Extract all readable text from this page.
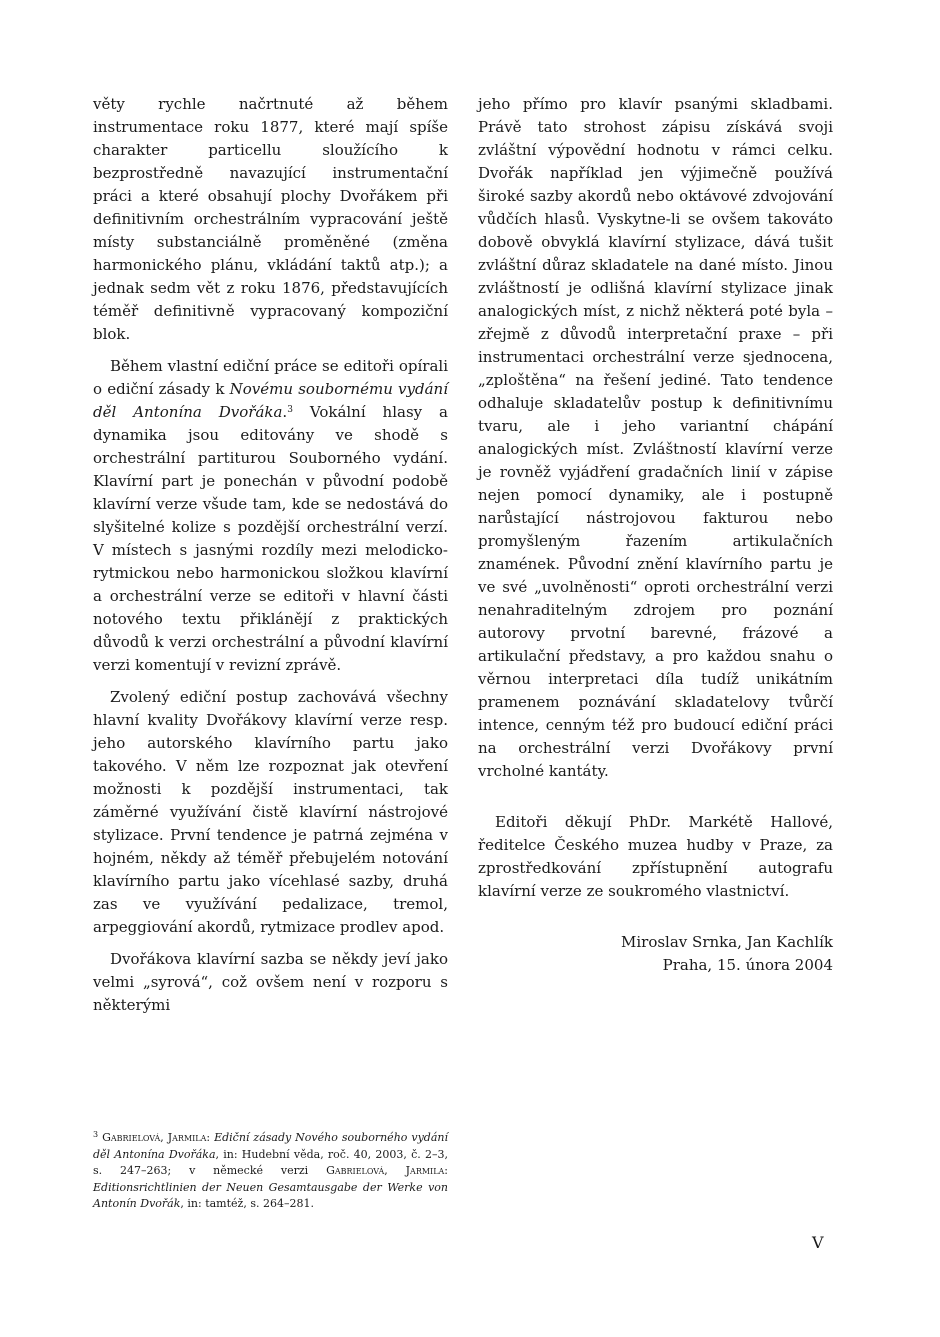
věty rychle načrtnuté až během instrumentace roku 1877, které mají spíše charakter particellu sloužícího k bezprostředně navazující instrumentační práci a které obsahují plochy Dvořákem při definitivním orchestrálním vypracování ještě místy substanciálně proměněné (změna harmonického plánu, vkládání taktů atp.); a jednak sedm vět z roku 1876, představujících téměř definitivně vypracovaný kompoziční blok.

Během vlastní ediční práce se editoři opírali o ediční zásady k Novému soubornému vydání děl Antonína Dvořáka.$^3$ Vokální hlasy a dynamika jsou editovány ve shodě s orchestrální partiturou Souborného vydání. Klavírní part je ponechán v původní podobě klavírní verze všude tam, kde se nedostává do slyšitelné kolize s pozdější orchestrální verzí. V místech s jasnými rozdíly mezi melodicko-rytmickou nebo harmonickou složkou klavírní a orchestrální verze se editoři v hlavní části notového textu přiklánějí z praktických důvodů k verzi orchestrální a původní klavírní verzi komentují v revizní zprávě.

Zvolený ediční postup zachovává všechny hlavní kvality Dvořákovy klavírní verze resp. jeho autorského klavírního partu jako takového. V něm lze rozpoznat jak otevření možnosti k pozdější instrumentaci, tak záměrné využívání čistě klavírní nástrojové stylizace. První tendence je patrná zejména v hojném, někdy až téměř přebujelém notování klavírního partu jako vícehlasé sazby, druhá zas ve využívání pedalizace, tremol, arpeggiování akordů, rytmizace prodlev apod.

Dvořákova klavírní sazba se někdy jeví jako velmi „syrová“, což ovšem není v rozporu s některými

jeho přímo pro klavír psanými skladbami. Právě tato strohost zápisu získává svoji zvláštní výpovědní hodnotu v rámci celku. Dvořák například jen výjimečně používá široké sazby akordů nebo oktávové zdvojování vůdčích hlasů. Vyskytne-li se ovšem takováto dobově obvyklá klavírní stylizace, dává tušit zvláštní důraz skladatele na dané místo. Jinou zvláštností je odlišná klavírní stylizace jinak analogických míst, z nichž některá poté byla – zřejmě z důvodů interpretační praxe – při instrumentaci orchestrální verze sjednocena, „zploštěna“ na řešení jediné. Tato tendence odhaluje skladatelův postup k definitivnímu tvaru, ale i jeho variantní chápání analogických míst. Zvláštností klavírní verze je rovněž vyjádření gradačních linií v zápise nejen pomocí dynamiky, ale i postupně narůstající nástrojovou fakturou nebo promyšleným řazením artikulačních znamének. Původní znění klavírního partu je ve své „uvolněnosti“ oproti orchestrální verzi nenahraditelným zdrojem pro poznání autorovy prvotní barevné, frázové a artikulační představy, a pro každou snahu o věrnou interpretaci díla tudíž unikátním pramenem poznávání skladatelovy tvůrčí intence, cenným též pro budoucí ediční práci na orchestrální verzi Dvořákovy první vrcholné kantáty.

Editoři děkují PhDr. Markétě Hallové, ředitelce Českého muzea hudby v Praze, za zprostředkování zpřístupnění autografu klavírní verze ze soukromého vlastnictví.

Miroslav Srnka, Jan Kachlík
Praha, 15. února 2004
$^3$ Gabrielová, Jarmila: Ediční zásady Nového souborného vydání děl Antonína Dvořáka, in: Hudební věda, roč. 40, 2003, č. 2–3, s. 247–263; v německé verzi Gabrielová, Jarmila: Editionsrichtlinien der Neuen Gesamtausgabe der Werke von Antonín Dvořák, in: tamtéž, s. 264–281.
V
